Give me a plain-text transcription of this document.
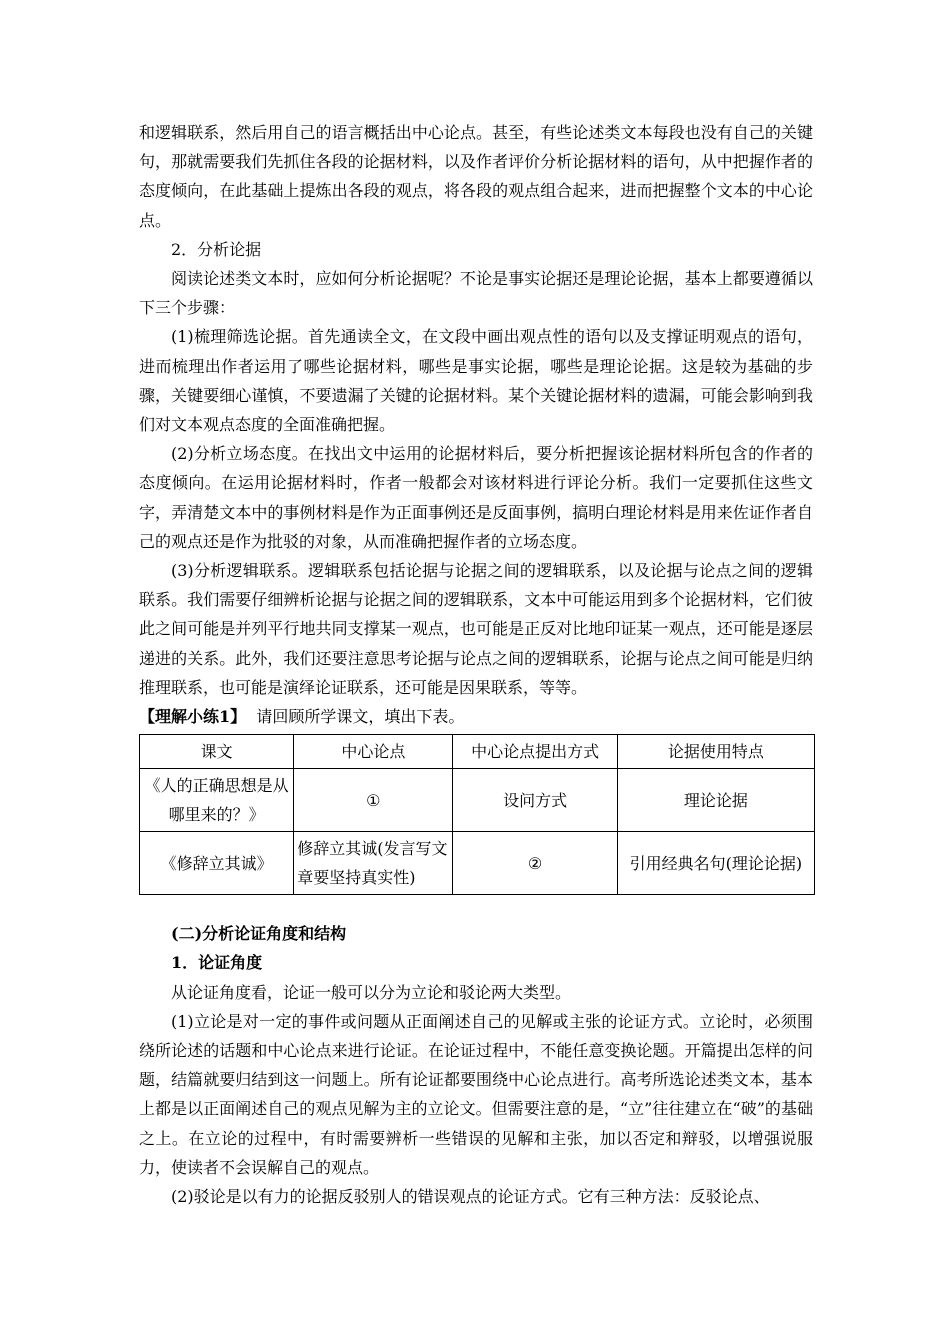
和逻辑联系，然后用自己的语言概括出中心论点。甚至，有些论述类文本每段也没有自己的关键句，那就需要我们先抓住各段的论据材料，以及作者评价分析论据材料的语句，从中把握作者的态度倾向，在此基础上提炼出各段的观点，将各段的观点组合起来，进而把握整个文本的中心论点。

2．分析论据

阅读论述类文本时，应如何分析论据呢？不论是事实论据还是理论论据，基本上都要遵循以下三个步骤：

(1)梳理筛选论据。首先通读全文，在文段中画出观点性的语句以及支撑证明观点的语句，进而梳理出作者运用了哪些论据材料，哪些是事实论据，哪些是理论论据。这是较为基础的步骤，关键要细心谨慎，不要遗漏了关键的论据材料。某个关键论据材料的遗漏，可能会影响到我们对文本观点态度的全面准确把握。

(2)分析立场态度。在找出文中运用的论据材料后，要分析把握该论据材料所包含的作者的态度倾向。在运用论据材料时，作者一般都会对该材料进行评论分析。我们一定要抓住这些文字，弄清楚文本中的事例材料是作为正面事例还是反面事例，搞明白理论材料是用来佐证作者自己的观点还是作为批驳的对象，从而准确把握作者的立场态度。

(3)分析逻辑联系。逻辑联系包括论据与论据之间的逻辑联系，以及论据与论点之间的逻辑联系。我们需要仔细辨析论据与论据之间的逻辑联系，文本中可能运用到多个论据材料，它们彼此之间可能是并列平行地共同支撑某一观点，也可能是正反对比地印证某一观点，还可能是逐层递进的关系。此外，我们还要注意思考论据与论点之间的逻辑联系，论据与论点之间可能是归纳推理联系，也可能是演绎论证联系，还可能是因果联系，等等。

【理解小练1】 请回顾所学课文，填出下表。

课文	中心论点	中心论点提出方式	论据使用特点
《人的正确思想是从哪里来的？》	①	设问方式	理论论据
《修辞立其诚》	修辞立其诚(发言写文章要坚持真实性)	②	引用经典名句(理论论据)

(二)分析论证角度和结构

1．论证角度

从论证角度看，论证一般可以分为立论和驳论两大类型。

(1)立论是对一定的事件或问题从正面阐述自己的见解或主张的论证方式。立论时，必须围绕所论述的话题和中心论点来进行论证。在论证过程中，不能任意变换论题。开篇提出怎样的问题，结篇就要归结到这一问题上。所有论证都要围绕中心论点进行。高考所选论述类文本，基本上都是以正面阐述自己的观点见解为主的立论文。但需要注意的是，“立”往往建立在“破”的基础之上。在立论的过程中，有时需要辨析一些错误的见解和主张，加以否定和辩驳，以增强说服力，使读者不会误解自己的观点。

(2)驳论是以有力的论据反驳别人的错误观点的论证方式。它有三种方法：反驳论点、
